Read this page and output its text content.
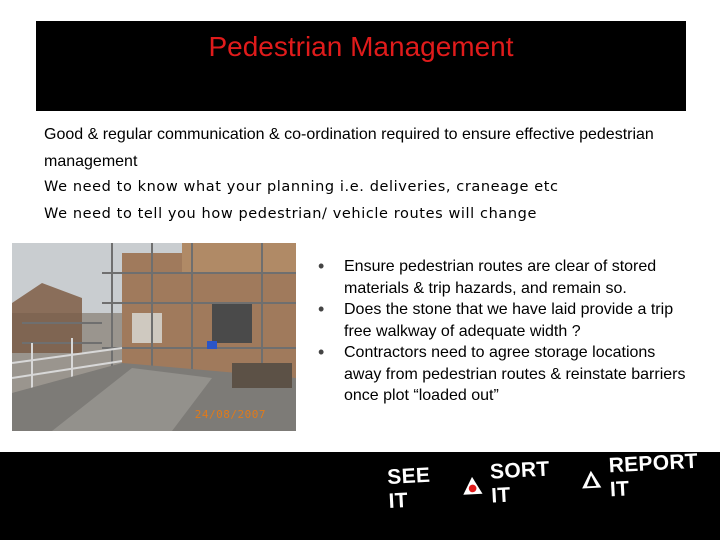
Pedestrian Management
Good & regular communication & co-ordination required to ensure effective pedestrian management
We need to know what your planning i.e. deliveries, craneage etc
We need to tell you how pedestrian/ vehicle routes will change
24/08/2007
• Ensure pedestrian routes are clear of stored materials & trip hazards, and remain so.
• Does the stone that we have laid provide a trip free walkway of adequate width ?
• Contractors need to agree storage locations away from pedestrian routes & reinstate barriers once plot “loaded out”
SEE IT
SORT IT
REPORT IT
